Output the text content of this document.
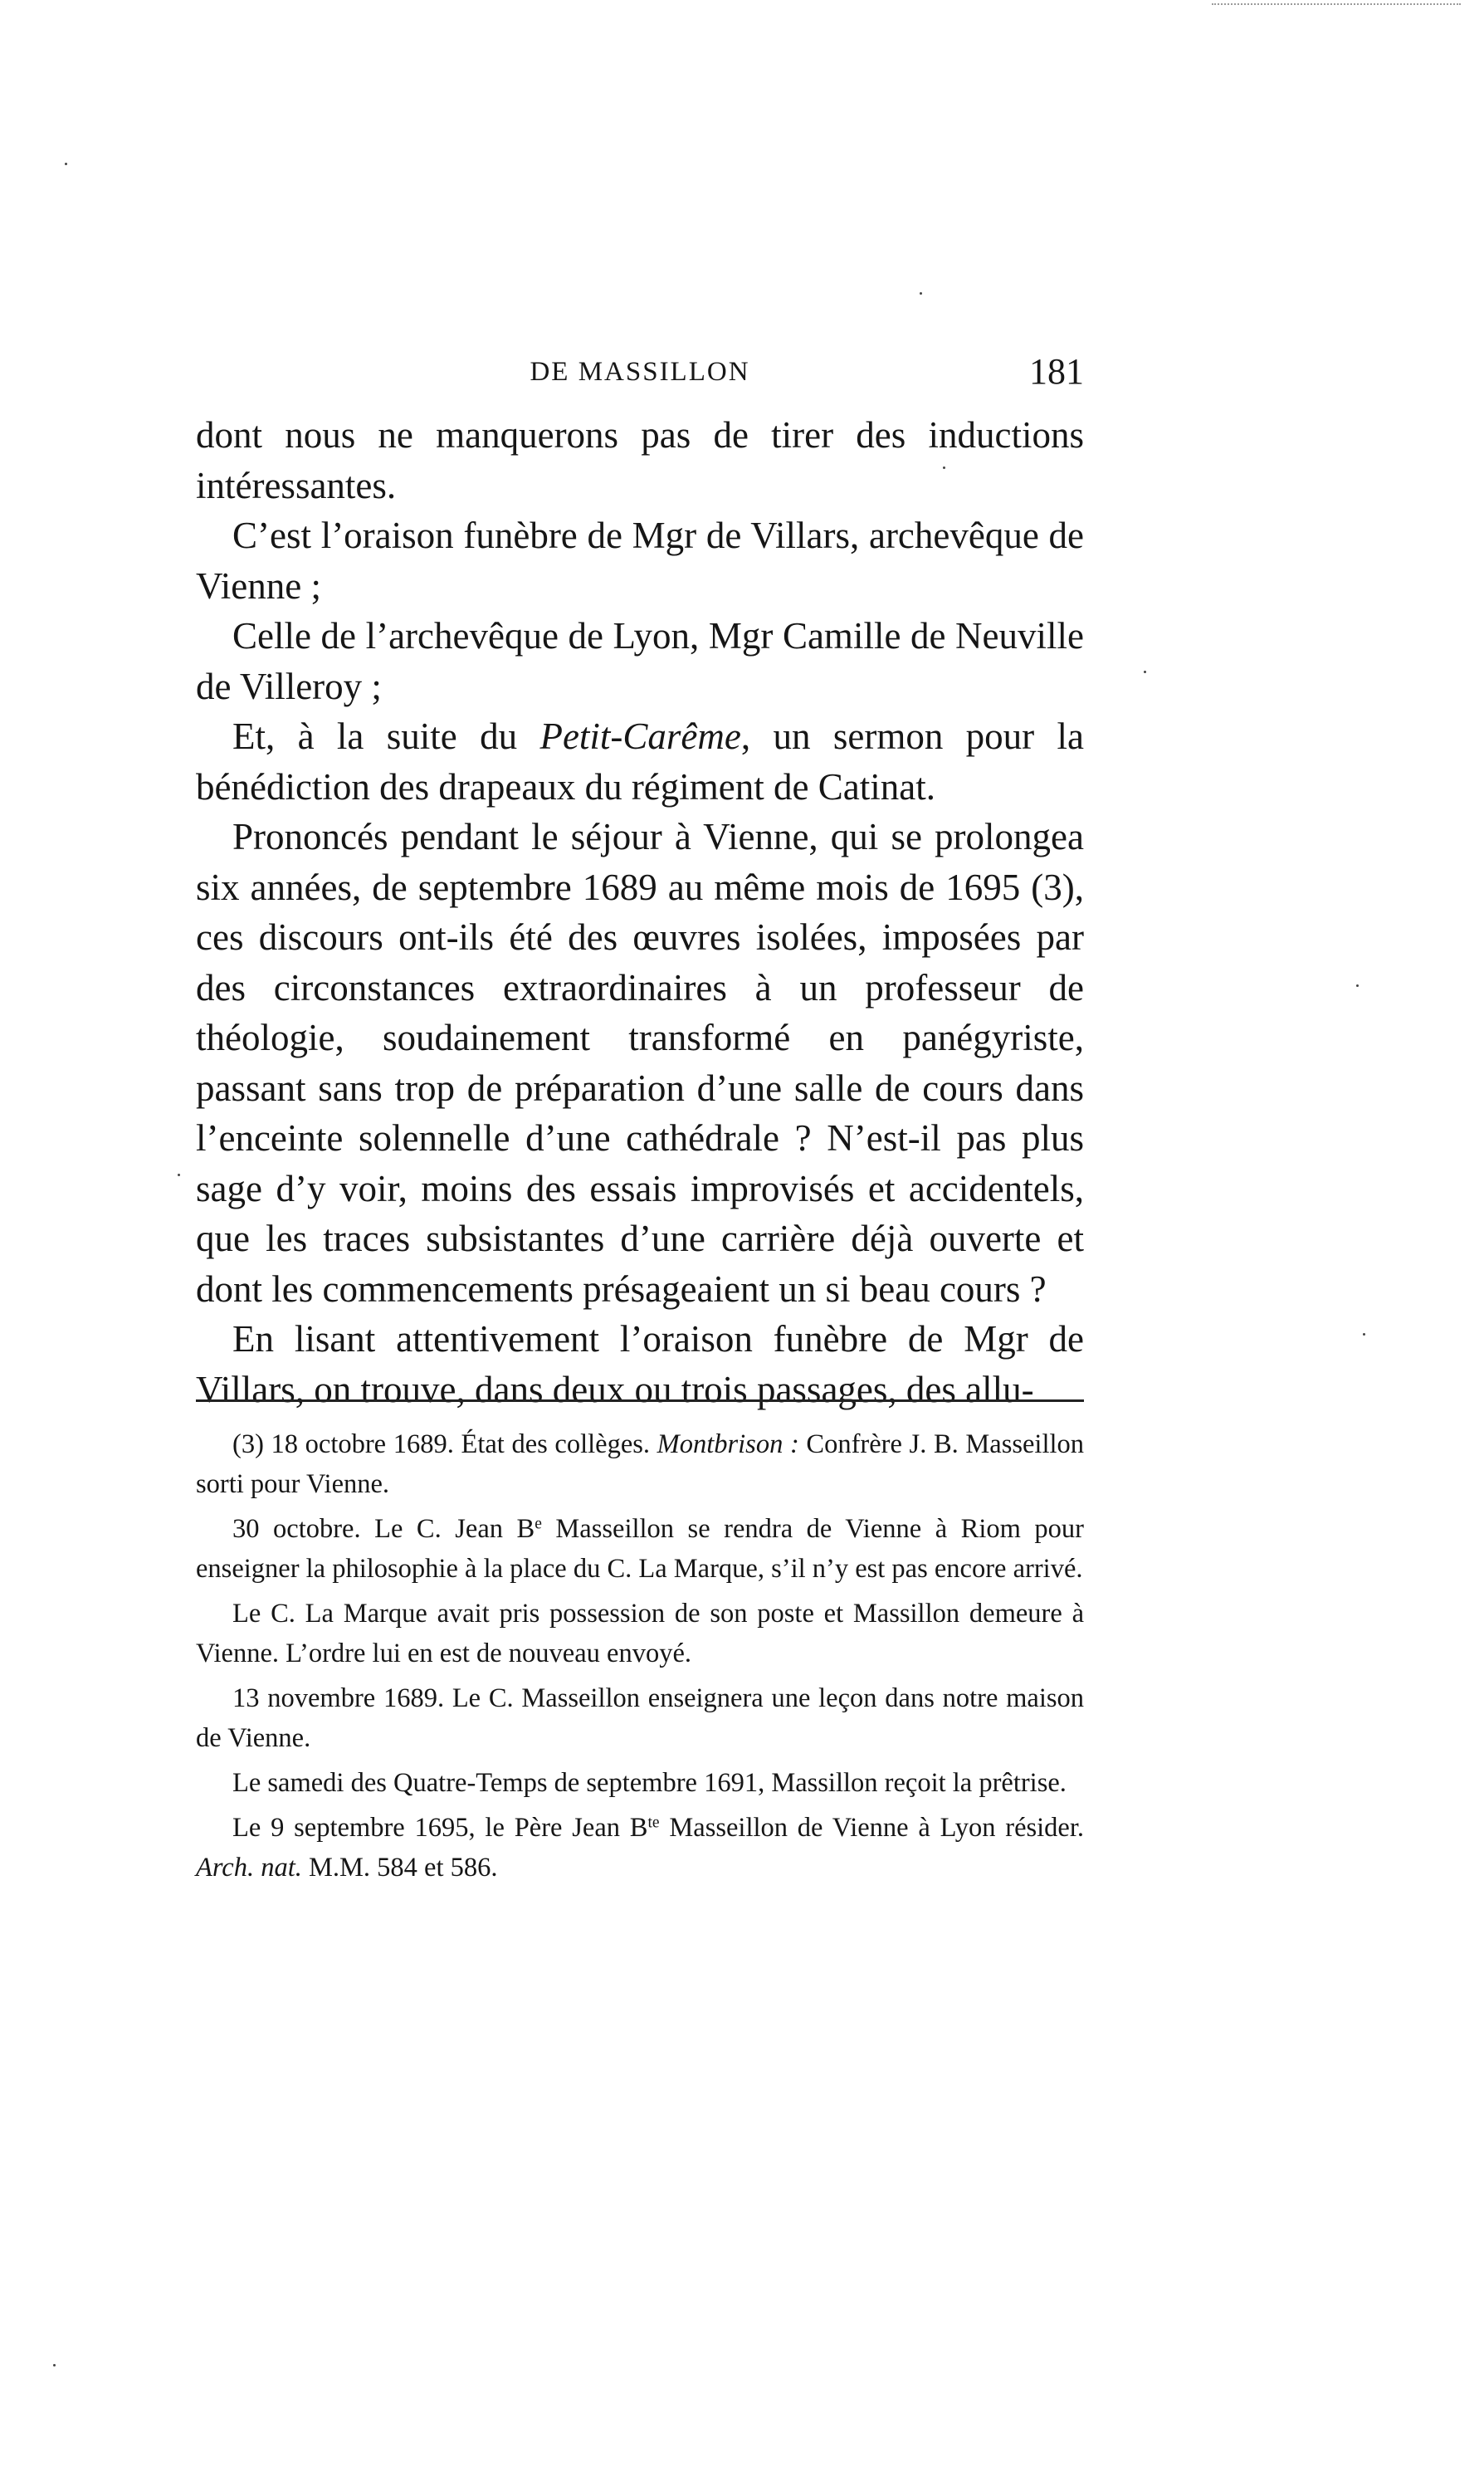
DE MASSILLON	181

dont nous ne manquerons pas de tirer des inductions intéressantes.

C’est l’oraison funèbre de Mgr de Villars, archevêque de Vienne ;

Celle de l’archevêque de Lyon, Mgr Camille de Neuville de Villeroy ;

Et, à la suite du Petit-Carême, un sermon pour la bénédiction des drapeaux du régiment de Catinat.

Prononcés pendant le séjour à Vienne, qui se prolongea six années, de septembre 1689 au même mois de 1695 (3), ces discours ont-ils été des œuvres isolées, imposées par des circonstances extraordinaires à un professeur de théologie, soudainement transformé en panégyriste, passant sans trop de préparation d’une salle de cours dans l’enceinte solennelle d’une cathédrale ? N’est-il pas plus sage d’y voir, moins des essais improvisés et accidentels, que les traces subsistantes d’une carrière déjà ouverte et dont les commencements présageaient un si beau cours ?

En lisant attentivement l’oraison funèbre de Mgr de Villars, on trouve, dans deux ou trois passages, des allu-

(3) 18 octobre 1689. État des collèges. Montbrison : Confrère J. B. Masseillon sorti pour Vienne.

30 octobre. Le C. Jean $B^e$ Masseillon se rendra de Vienne à Riom pour enseigner la philosophie à la place du C. La Marque, s’il n’y est pas encore arrivé.

Le C. La Marque avait pris possession de son poste et Massillon demeure à Vienne. L’ordre lui en est de nouveau envoyé.

13 novembre 1689. Le C. Masseillon enseignera une leçon dans notre maison de Vienne.

Le samedi des Quatre-Temps de septembre 1691, Massillon reçoit la prêtrise.

Le 9 septembre 1695, le Père Jean $B^{te}$ Masseillon de Vienne à Lyon résider. Arch. nat. M.M. 584 et 586.
